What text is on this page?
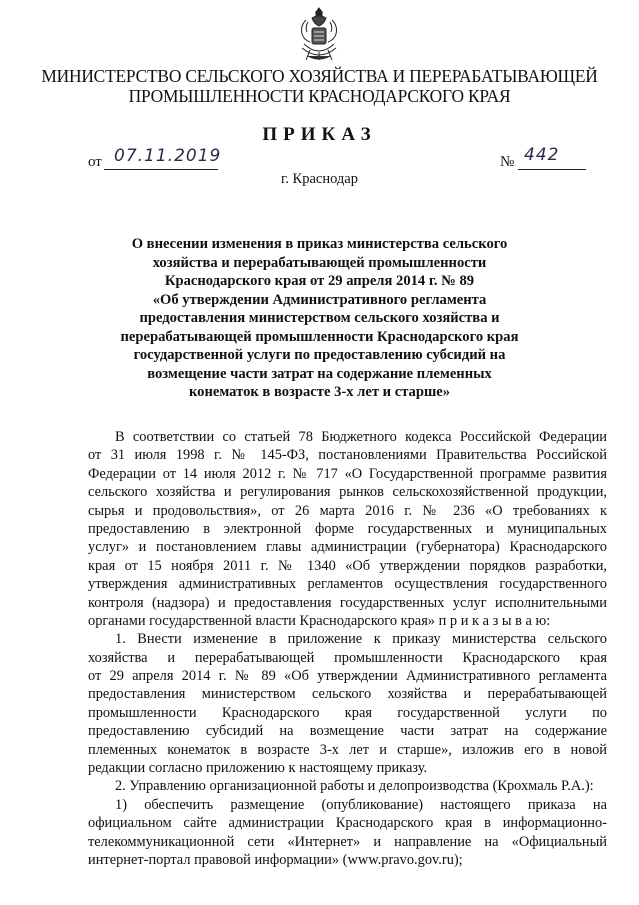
МИНИСТЕРСТВО СЕЛЬСКОГО ХОЗЯЙСТВА И ПЕРЕРАБАТЫВАЮЩЕЙ
ПРОМЫШЛЕННОСТИ КРАСНОДАРСКОГО КРАЯ
ПРИКАЗ
от 07.11.2019	№ 442
г. Краснодар
О внесении изменения в приказ министерства сельского
хозяйства и перерабатывающей промышленности
Краснодарского края от 29 апреля 2014 г. № 89
«Об утверждении Административного регламента
предоставления министерством сельского хозяйства и
перерабатывающей промышленности Краснодарского края
государственной услуги по предоставлению субсидий на
возмещение части затрат на содержание племенных
конематок в возрасте 3-х лет и старше»
В соответствии со статьей 78 Бюджетного кодекса Российской Федерации
от 31 июля 1998 г. № 145-ФЗ, постановлениями Правительства Российской
Федерации от 14 июля 2012 г. № 717 «О Государственной программе развития
сельского хозяйства и регулирования рынков сельскохозяйственной продукции,
сырья и продовольствия», от 26 марта 2016 г. № 236 «О требованиях к
предоставлению в электронной форме государственных и муниципальных
услуг» и постановлением главы администрации (губернатора) Краснодарского
края от 15 ноября 2011 г. № 1340 «Об утверждении порядков разработки,
утверждения административных регламентов осуществления государственного
контроля (надзора) и предоставления государственных услуг исполнительными
органами государственной власти Краснодарского края» п р и к а з ы в а ю:
1. Внести изменение в приложение к приказу министерства сельского
хозяйства и перерабатывающей промышленности Краснодарского края
от 29 апреля 2014 г. № 89 «Об утверждении Административного регламента
предоставления министерством сельского хозяйства и перерабатывающей
промышленности Краснодарского края государственной услуги по
предоставлению субсидий на возмещение части затрат на содержание
племенных конематок в возрасте 3-х лет и старше», изложив его в новой
редакции согласно приложению к настоящему приказу.
2. Управлению организационной работы и делопроизводства (Крохмаль Р.А.):
1) обеспечить размещение (опубликование) настоящего приказа на
официальном сайте администрации Краснодарского края в информационно-
телекоммуникационной сети «Интернет» и направление на «Официальный
интернет-портал правовой информации» (www.pravo.gov.ru);
